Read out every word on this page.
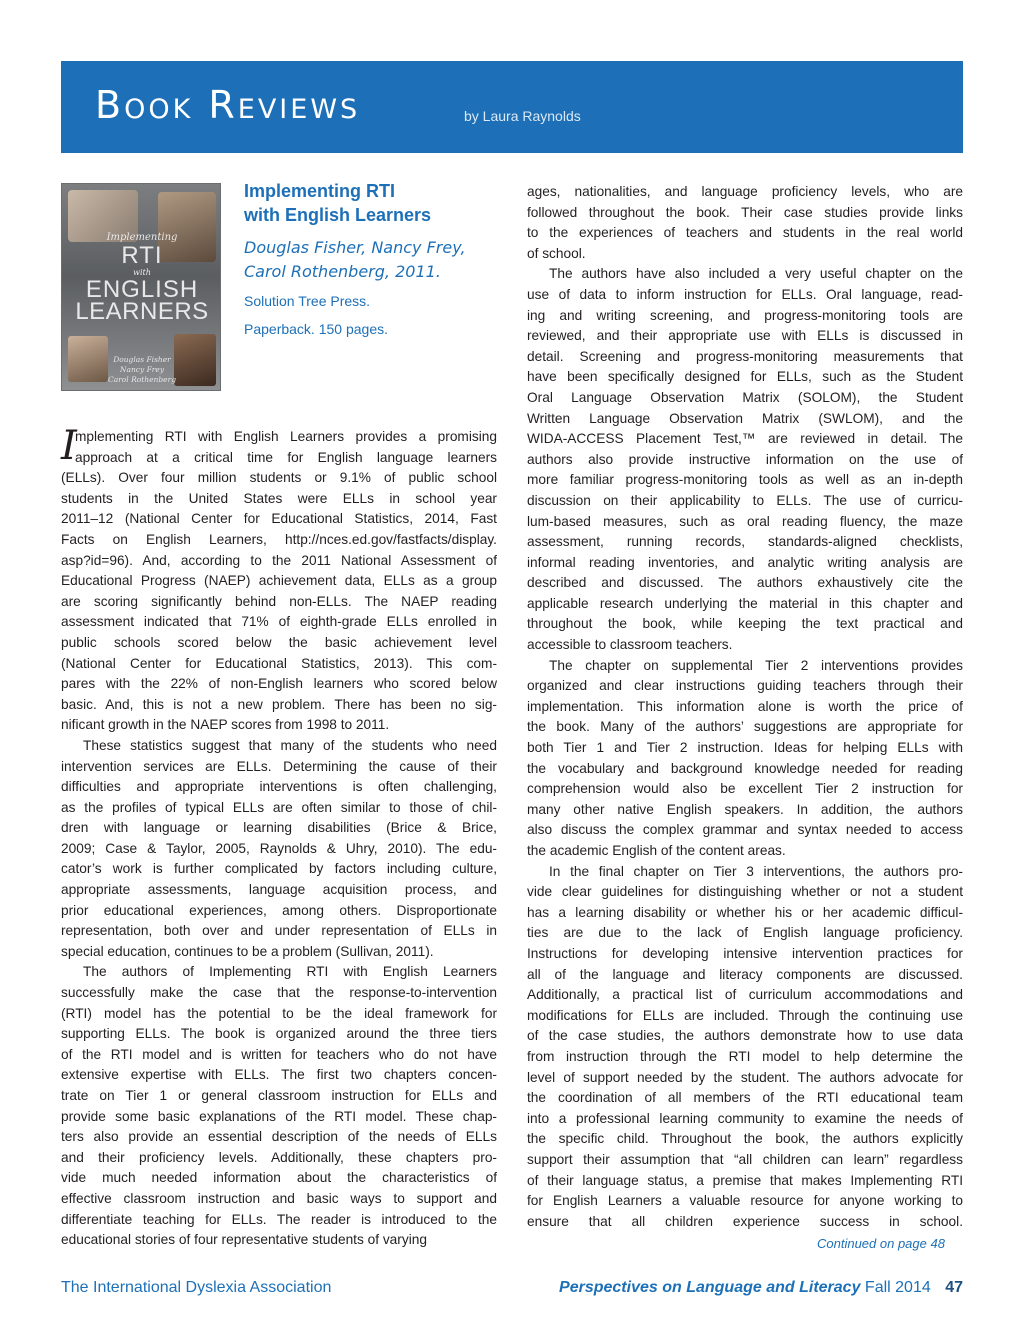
Book Reviews	by Laura Raynolds
Implementing
RTI
with
ENGLISH
LEARNERS
Douglas Fisher
Nancy Frey
Carol Rothenberg
Implementing RTI
with English Learners
Douglas Fisher, Nancy Frey,
Carol Rothenberg, 2011.
Solution Tree Press.
Paperback. 150 pages.
I
mplementing RTI with English Learners provides a promising
approach at a critical time for English language learners
(ELLs). Over four million students or 9.1% of public school
students in the United States were ELLs in school year
2011–12 (National Center for Educational Statistics, 2014, Fast
Facts on English Learners, http://nces.ed.gov/fastfacts/display.
asp?id=96). And, according to the 2011 National Assessment of
Educational Progress (NAEP) achievement data, ELLs as a group
are scoring significantly behind non-ELLs. The NAEP reading
assessment indicated that 71% of eighth-grade ELLs enrolled in
public schools scored below the basic achievement level
(National Center for Educational Statistics, 2013). This com-
pares with the 22% of non-English learners who scored below
basic. And, this is not a new problem. There has been no sig-
nificant growth in the NAEP scores from 1998 to 2011.
These statistics suggest that many of the students who need
intervention services are ELLs. Determining the cause of their
difficulties and appropriate interventions is often challenging,
as the profiles of typical ELLs are often similar to those of chil-
dren with language or learning disabilities (Brice & Brice,
2009; Case & Taylor, 2005, Raynolds & Uhry, 2010). The edu-
cator’s work is further complicated by factors including culture,
appropriate assessments, language acquisition process, and
prior educational experiences, among others. Disproportionate
representation, both over and under representation of ELLs in
special education, continues to be a problem (Sullivan, 2011).
The authors of Implementing RTI with English Learners
successfully make the case that the response-to-intervention
(RTI) model has the potential to be the ideal framework for
supporting ELLs. The book is organized around the three tiers
of the RTI model and is written for teachers who do not have
extensive expertise with ELLs. The first two chapters concen-
trate on Tier 1 or general classroom instruction for ELLs and
provide some basic explanations of the RTI model. These chap-
ters also provide an essential description of the needs of ELLs
and their proficiency levels. Additionally, these chapters pro-
vide much needed information about the characteristics of
effective classroom instruction and basic ways to support and
differentiate teaching for ELLs. The reader is introduced to the
educational stories of four representative students of varying
ages, nationalities, and language proficiency levels, who are
followed throughout the book. Their case studies provide links
to the experiences of teachers and students in the real world
of school.
The authors have also included a very useful chapter on the
use of data to inform instruction for ELLs. Oral language, read-
ing and writing screening, and progress-monitoring tools are
reviewed, and their appropriate use with ELLs is discussed in
detail. Screening and progress-monitoring measurements that
have been specifically designed for ELLs, such as the Student
Oral Language Observation Matrix (SOLOM), the Student
Written Language Observation Matrix (SWLOM), and the
WIDA-ACCESS Placement Test,™ are reviewed in detail. The
authors also provide instructive information on the use of
more familiar progress-monitoring tools as well as an in-depth
discussion on their applicability to ELLs. The use of curricu-
lum-based measures, such as oral reading fluency, the maze
assessment, running records, standards-aligned checklists,
informal reading inventories, and analytic writing analysis are
described and discussed. The authors exhaustively cite the
applicable research underlying the material in this chapter and
throughout the book, while keeping the text practical and
accessible to classroom teachers.
The chapter on supplemental Tier 2 interventions provides
organized and clear instructions guiding teachers through their
implementation. This information alone is worth the price of
the book. Many of the authors’ suggestions are appropriate for
both Tier 1 and Tier 2 instruction. Ideas for helping ELLs with
the vocabulary and background knowledge needed for reading
comprehension would also be excellent Tier 2 instruction for
many other native English speakers. In addition, the authors
also discuss the complex grammar and syntax needed to access
the academic English of the content areas.
In the final chapter on Tier 3 interventions, the authors pro-
vide clear guidelines for distinguishing whether or not a student
has a learning disability or whether his or her academic difficul-
ties are due to the lack of English language proficiency.
Instructions for developing intensive intervention practices for
all of the language and literacy components are discussed.
Additionally, a practical list of curriculum accommodations and
modifications for ELLs are included. Through the continuing use
of the case studies, the authors demonstrate how to use data
from instruction through the RTI model to help determine the
level of support needed by the student. The authors advocate for
the coordination of all members of the RTI educational team
into a professional learning community to examine the needs of
the specific child. Throughout the book, the authors explicitly
support their assumption that “all children can learn” regardless
of their language status, a premise that makes Implementing RTI
for English Learners a valuable resource for anyone working to
ensure that all children experience success in school.
Continued on page 48
The International Dyslexia Association	Perspectives on Language and Literacy Fall 2014 47
